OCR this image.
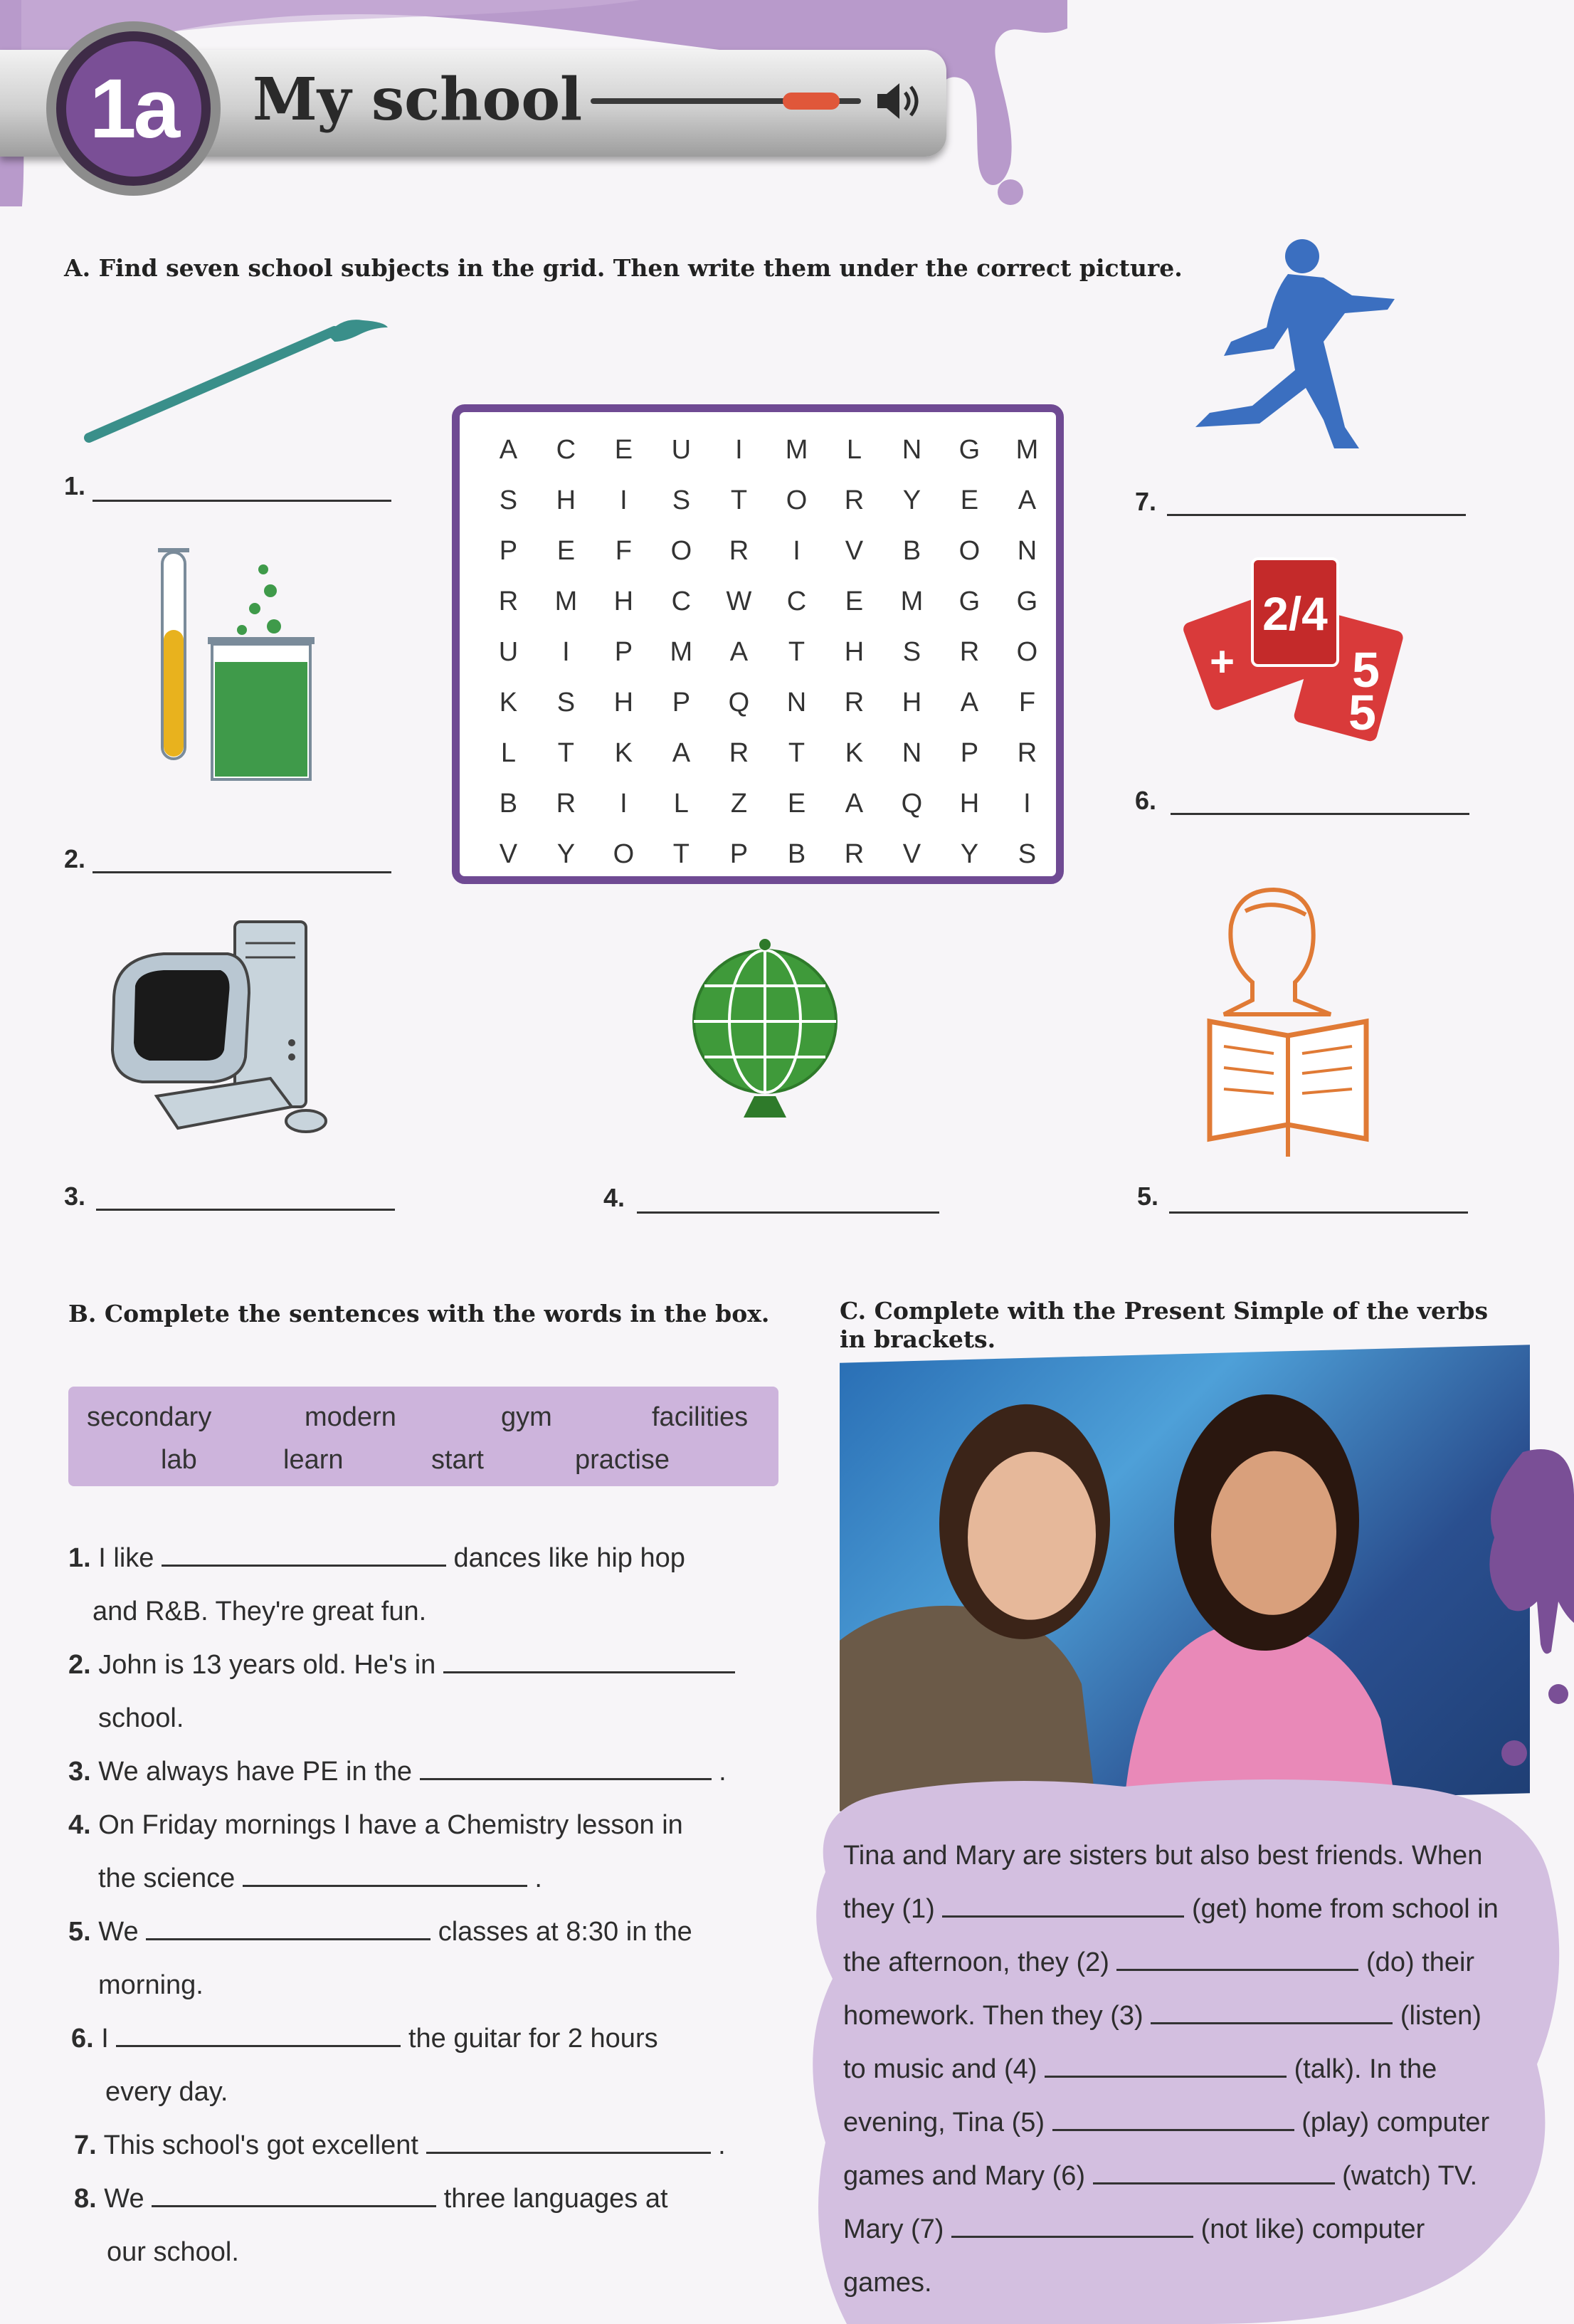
1a	My school
A. Find seven school subjects in the grid. Then write them under the correct picture.
1.
2.
A	C	E	U	I	M	L	N	G	M
S	H	I	S	T	O	R	Y	E	A
P	E	F	O	R	I	V	B	O	N
R	M	H	C	W	C	E	M	G	G
U	I	P	M	A	T	H	S	R	O
K	S	H	P	Q	N	R	H	A	F
L	T	K	A	R	T	K	N	P	R
B	R	I	L	Z	E	A	Q	H	I
V	Y	O	T	P	B	R	V	Y	S
7.
2/4
5
5
+
6.
3.	4.	5.
B. Complete the sentences with the words in the box.
secondary	modern	gym	facilities
lab	learn	start	practise
1. I like	dances like hip hop
and R&B. They're great fun.
2. John is 13 years old. He's in
school.
3. We always have PE in the	.
4. On Friday mornings I have a Chemistry lesson in
the science	.
5. We	classes at 8:30 in the
morning.
6. I	the guitar for 2 hours
every day.
7. This school's got excellent	.
8. We	three languages at
our school.
C. Complete with the Present Simple of the verbs
in brackets.
Tina and Mary are sisters but also best friends. When
they (1)	(get) home from school in
the afternoon, they (2)	(do) their
homework. Then they (3)	(listen)
to music and (4)	(talk). In the
evening, Tina (5)	(play) computer
games and Mary (6)	(watch) TV.
Mary (7)	(not like) computer
games.
